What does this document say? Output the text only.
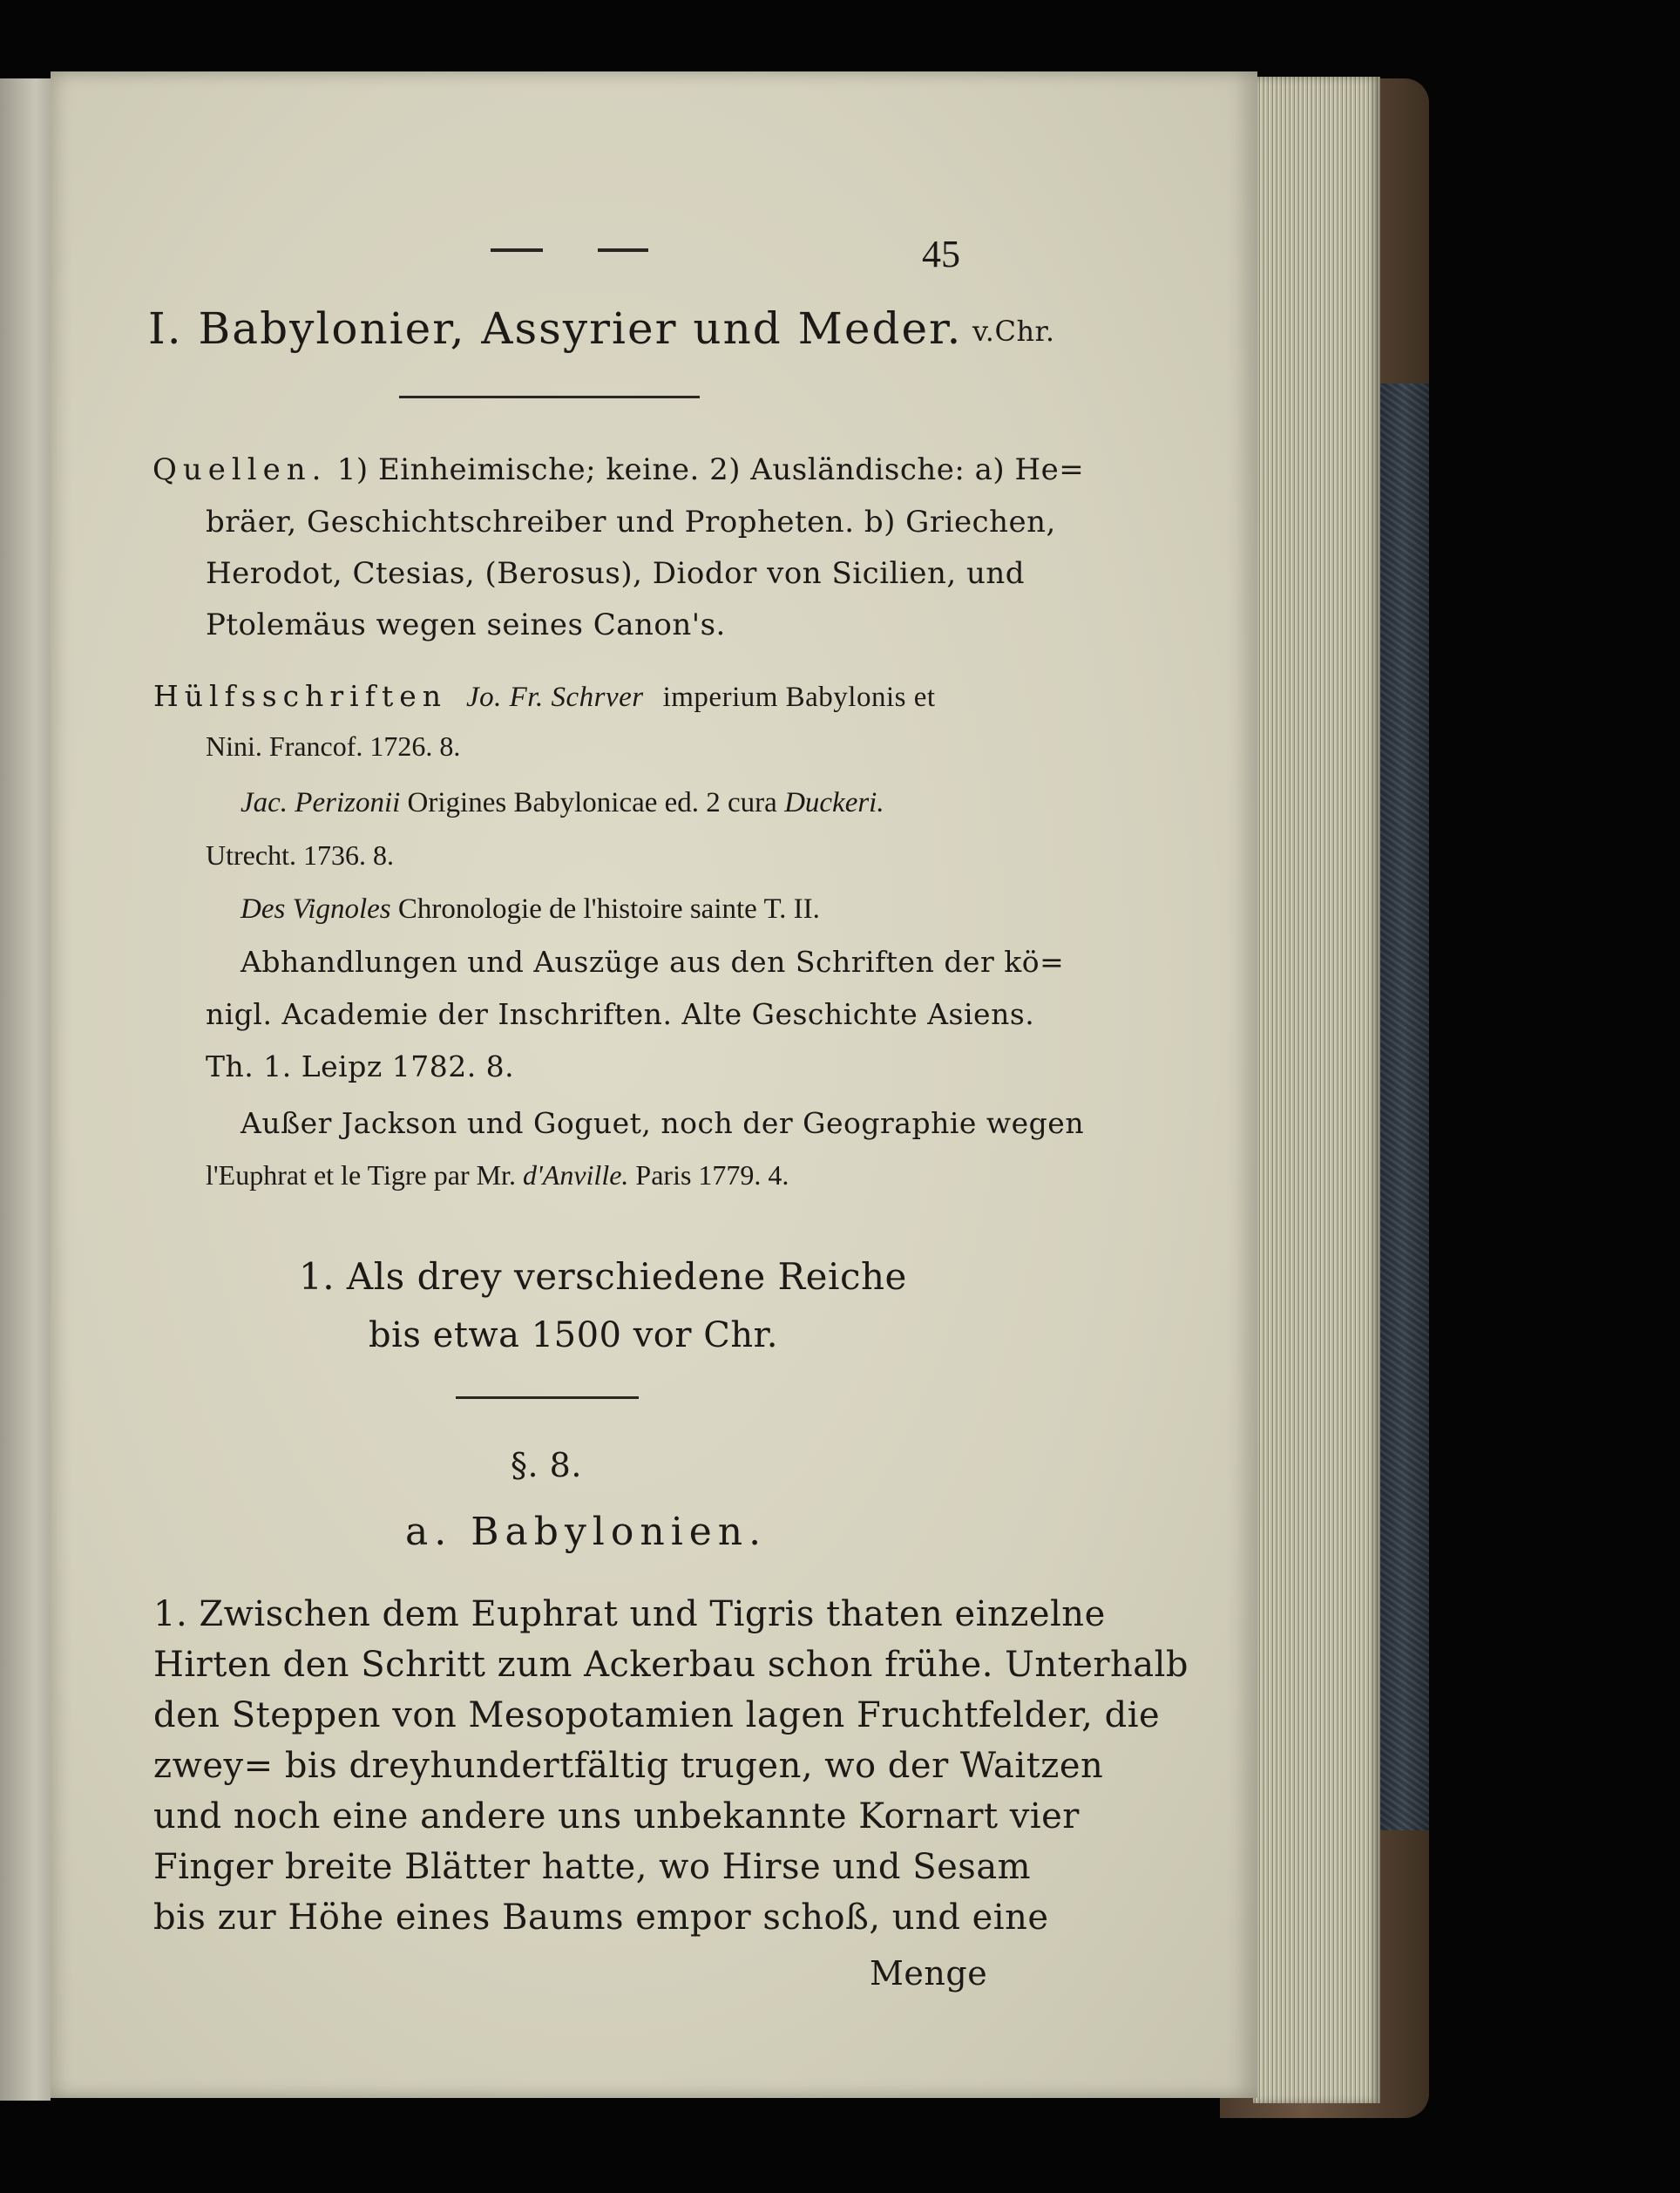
45

I. Babylonier, Assyrier und Meder. v.Chr.

Quellen. 1) Einheimische; keine. 2) Ausländische: a) He=

bräer, Geschichtschreiber und Propheten. b) Griechen,

Herodot, Ctesias, (Berosus), Diodor von Sicilien, und

Ptolemäus wegen seines Canon's.

Hülfsschriften Jo. Fr. Schrver imperium Babylonis et

Nini. Francof. 1726. 8.

Jac. Perizonii Origines Babylonicae ed. 2 cura Duckeri.

Utrecht. 1736. 8.

Des Vignoles Chronologie de l'histoire sainte T. II.

Abhandlungen und Auszüge aus den Schriften der kö=

nigl. Academie der Inschriften. Alte Geschichte Asiens.

Th. 1. Leipz 1782. 8.

Außer Jackson und Goguet, noch der Geographie wegen

l'Euphrat et le Tigre par Mr. d'Anville. Paris 1779. 4.

1. Als drey verschiedene Reiche

bis etwa 1500 vor Chr.

§. 8.

a. Babylonien.

1. Zwischen dem Euphrat und Tigris thaten einzelne

Hirten den Schritt zum Ackerbau schon frühe. Unterhalb

den Steppen von Mesopotamien lagen Fruchtfelder, die

zwey= bis dreyhundertfältig trugen, wo der Waitzen

und noch eine andere uns unbekannte Kornart vier

Finger breite Blätter hatte, wo Hirse und Sesam

bis zur Höhe eines Baums empor schoß, und eine

Menge
